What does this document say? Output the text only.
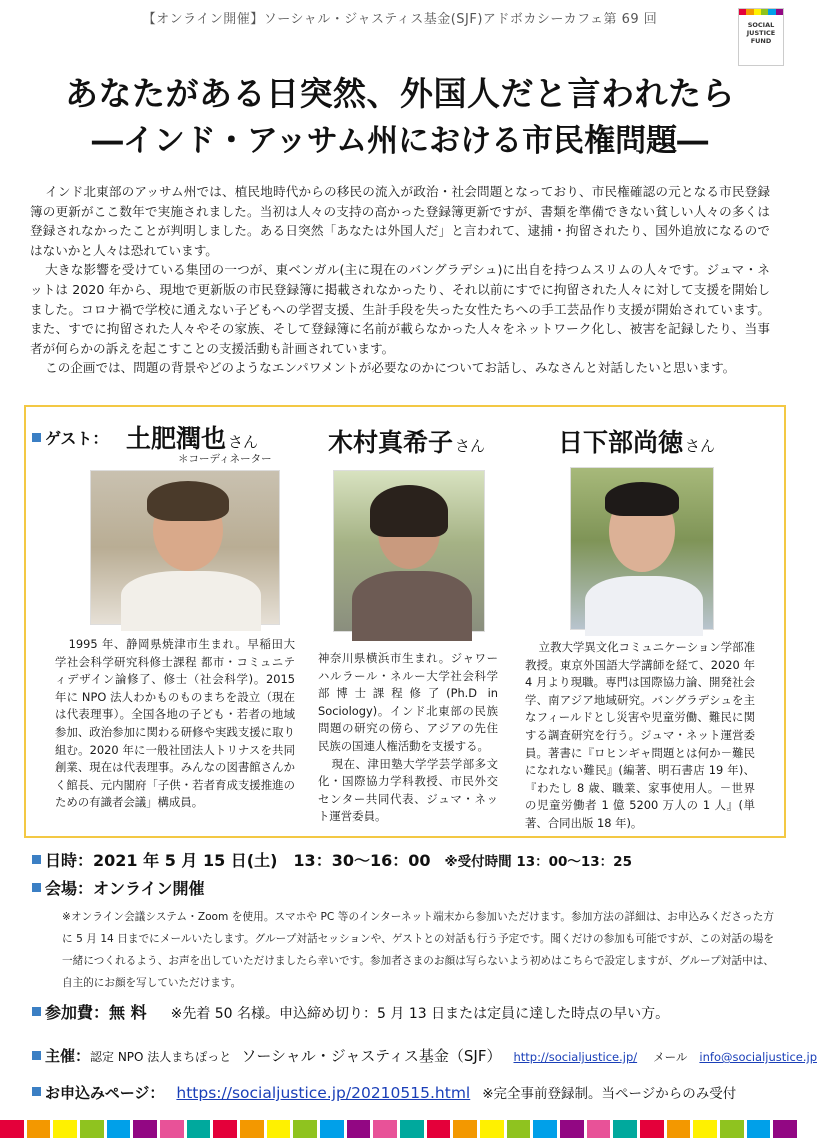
【オンライン開催】ソーシャル・ジャスティス基金(SJF)アドボカシーカフェ第 69 回	SOCIAL
JUSTICE
FUND
あなたがある日突然、外国人だと言われたら
―インド・アッサム州における市民権問題―

インド北東部のアッサム州では、植民地時代からの移民の流入が政治・社会問題となっており、市民権確認の元となる市民登録簿の更新がここ数年で実施されました。当初は人々の支持の高かった登録簿更新ですが、書類を準備できない貧しい人々の多くは登録されなかったことが判明しました。ある日突然「あなたは外国人だ」と言われて、逮捕・拘留されたり、国外追放になるのではないかと人々は恐れています。

大きな影響を受けている集団の一つが、東ベンガル(主に現在のバングラデシュ)に出自を持つムスリムの人々です。ジュマ・ネットは 2020 年から、現地で更新版の市民登録簿に掲載されなかったり、それ以前にすでに拘留された人々に対して支援を開始しました。コロナ禍で学校に通えない子どもへの学習支援、生計手段を失った女性たちへの手工芸品作り支援が開始されています。また、すでに拘留された人々やその家族、そして登録簿に名前が載らなかった人々をネットワーク化し、被害を記録したり、当事者が何らかの訴えを起こすことの支援活動も計画されています。

この企画では、問題の背景やどのようなエンパワメントが必要なのかについてお話し、みなさんと対話したいと思います。

ゲスト： 土肥潤也 さん
＊コーディネーター
木村真希子 さん	日下部尚徳 さん
1995 年、静岡県焼津市生まれ。早稲田大学社会科学研究科修士課程 都市・コミュニティデザイン論修了、修士（社会科学)。2015 年に NPO 法人わかものものまちを設立（現在は代表理事）。全国各地の子ども・若者の地域参加、政治参加に関わる研修や実践支援に取り組む。2020 年に一般社団法人トリナスを共同創業、現在は代表理事。みんなの図書館さんかく館長、元内閣府「子供・若者育成支援推進のための有識者会議」構成員。
神奈川県横浜市生まれ。ジャワーハルラール・ネルー大学社会科学部博士課程修了(Ph.D in Sociology)。インド北東部の民族問題の研究の傍ら、アジアの先住民族の国連人権活動を支援する。
現在、津田塾大学学芸学部多文化・国際協力学科教授、市民外交センター共同代表、ジュマ・ネット運営委員。
立教大学異文化コミュニケーション学部准教授。東京外国語大学講師を経て、2020 年 4 月より現職。専門は国際協力論、開発社会学、南アジア地域研究。バングラデシュを主なフィールドとし災害や児童労働、難民に関する調査研究を行う。ジュマ・ネット運営委員。著書に『ロヒンギャ問題とは何か－難民になれない難民』(編著、明石書店 19 年)、『わたし 8 歳、職業、家事使用人。－世界の児童労働者 1 億 5200 万人の 1 人』(単著、合同出版 18 年)。
日時：2021 年 5 月 15 日(土)　13：30～16：00 ※受付時間 13：00～13：25
会場：オンライン開催
※オンライン会議システム・Zoom を使用。スマホや PC 等のインターネット端末から参加いただけます。参加方法の詳細は、お申込みくださった方に 5 月 14 日までにメールいたします。グループ対話セッションや、ゲストとの対話も行う予定です。聞くだけの参加も可能ですが、この対話の場を一緒につくれるよう、お声を出していただけましたら幸いです。参加者さまのお顔は写らないよう初めはこちらで設定しますが、グループ対話中は、自主的にお顔を写していただけます。
参加費：無 料 ※先着 50 名様。申込締め切り：5 月 13 日または定員に達した時点の早い方。
主催：認定 NPO 法人まちぽっと ソーシャル・ジャスティス基金（SJF） http://socialjustice.jp/ メール info@socialjustice.jp
お申込みページ： https://socialjustice.jp/20210515.html ※完全事前登録制。当ページからのみ受付
